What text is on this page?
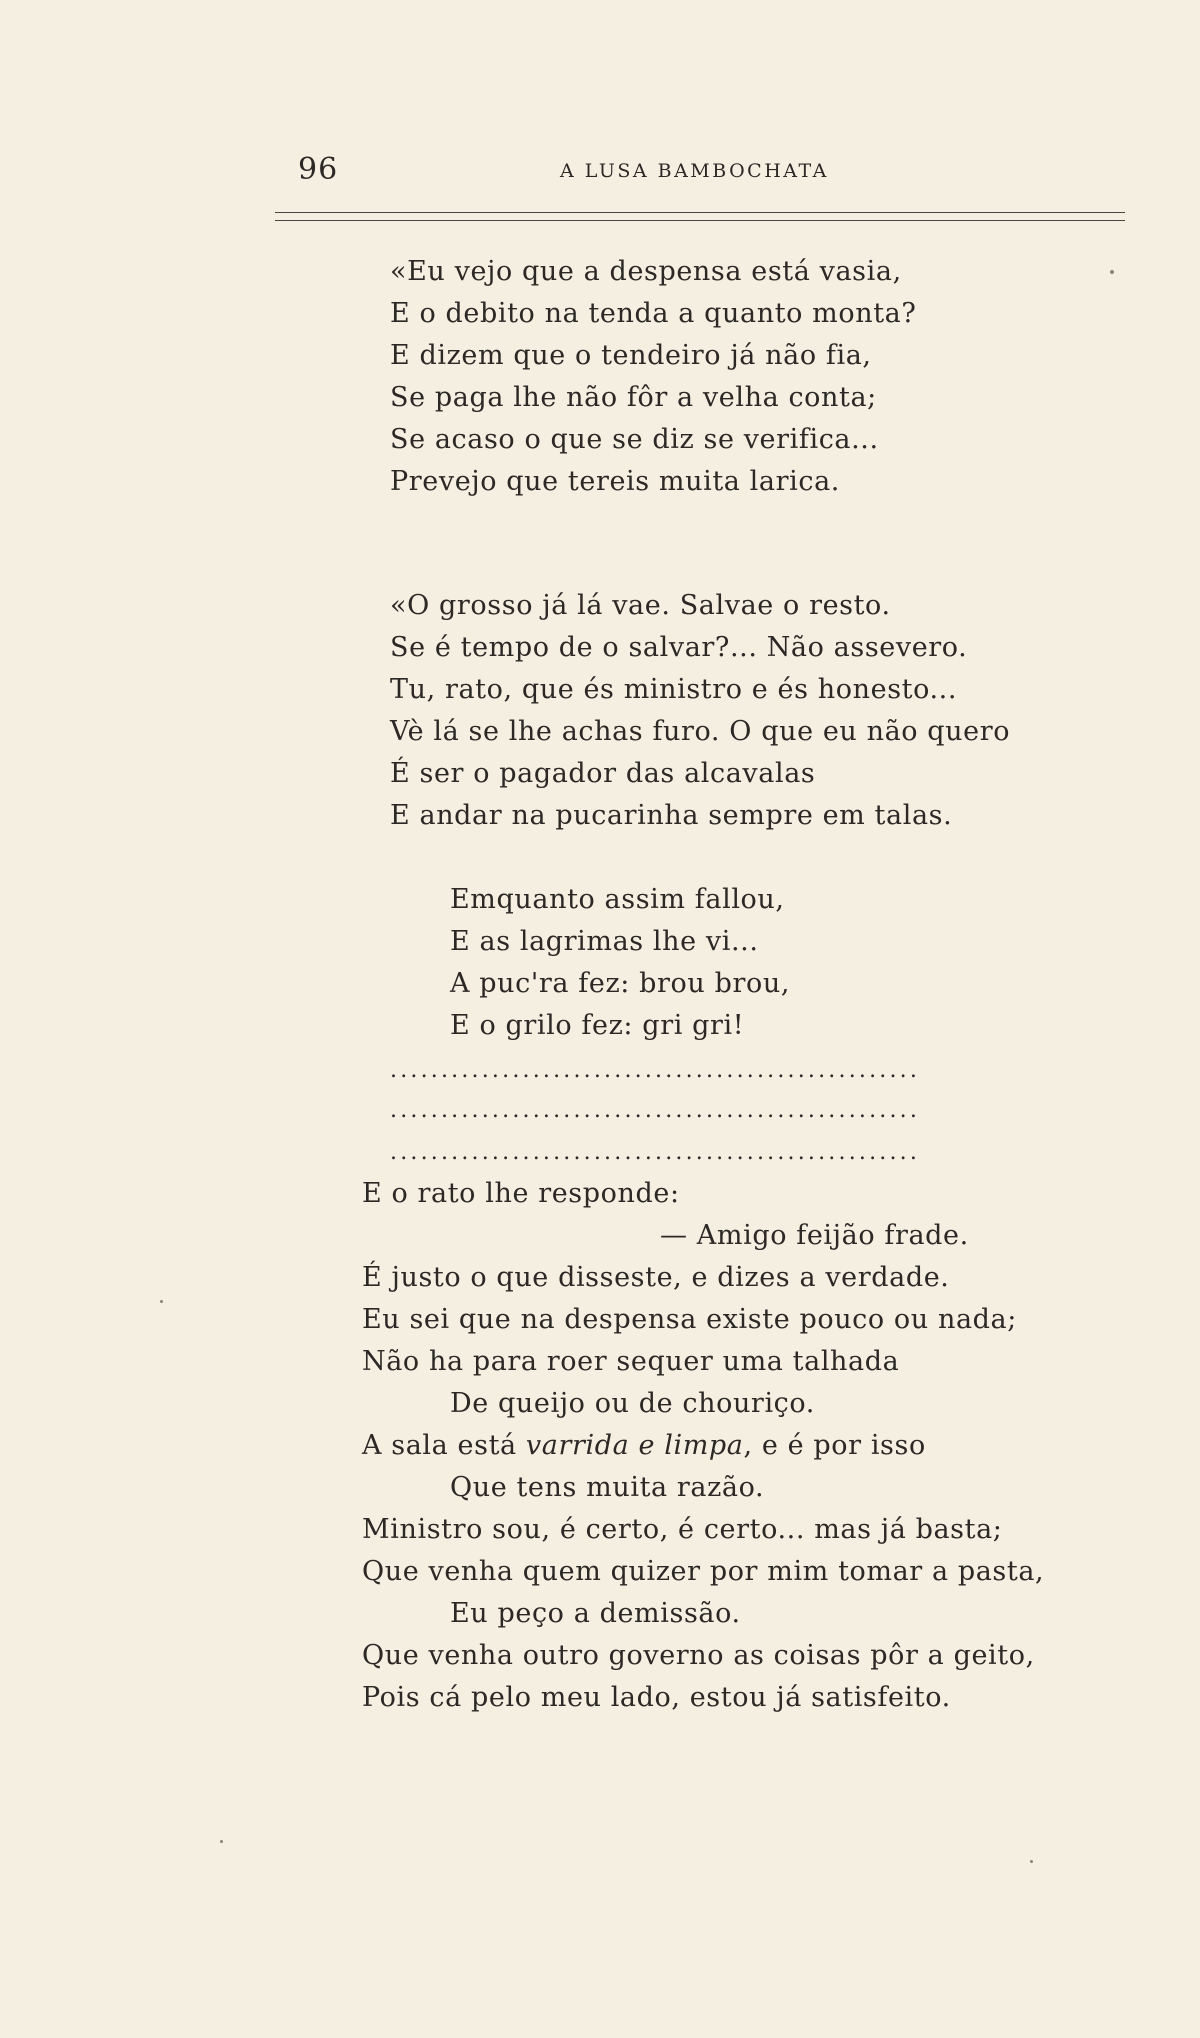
96	A LUSA BAMBOCHATA
«Eu vejo que a despensa está vasia,
E o debito na tenda a quanto monta?
E dizem que o tendeiro já não fia,
Se paga lhe não fôr a velha conta;
Se acaso o que se diz se verifica...
Prevejo que tereis muita larica.
«O grosso já lá vae. Salvae o resto.
Se é tempo de o salvar?... Não assevero.
Tu, rato, que és ministro e és honesto...
Vè lá se lhe achas furo. O que eu não quero
É ser o pagador das alcavalas
E andar na pucarinha sempre em talas.
Emquanto assim fallou,
E as lagrimas lhe vi...
A puc'ra fez: brou brou,
E o grilo fez: gri gri!
....................................................
....................................................
....................................................
E o rato lhe responde:
— Amigo feijão frade.
É justo o que disseste, e dizes a verdade.
Eu sei que na despensa existe pouco ou nada;
Não ha para roer sequer uma talhada
De queijo ou de chouriço.
A sala está varrida e limpa, e é por isso
Que tens muita razão.
Ministro sou, é certo, é certo... mas já basta;
Que venha quem quizer por mim tomar a pasta,
Eu peço a demissão.
Que venha outro governo as coisas pôr a geito,
Pois cá pelo meu lado, estou já satisfeito.
